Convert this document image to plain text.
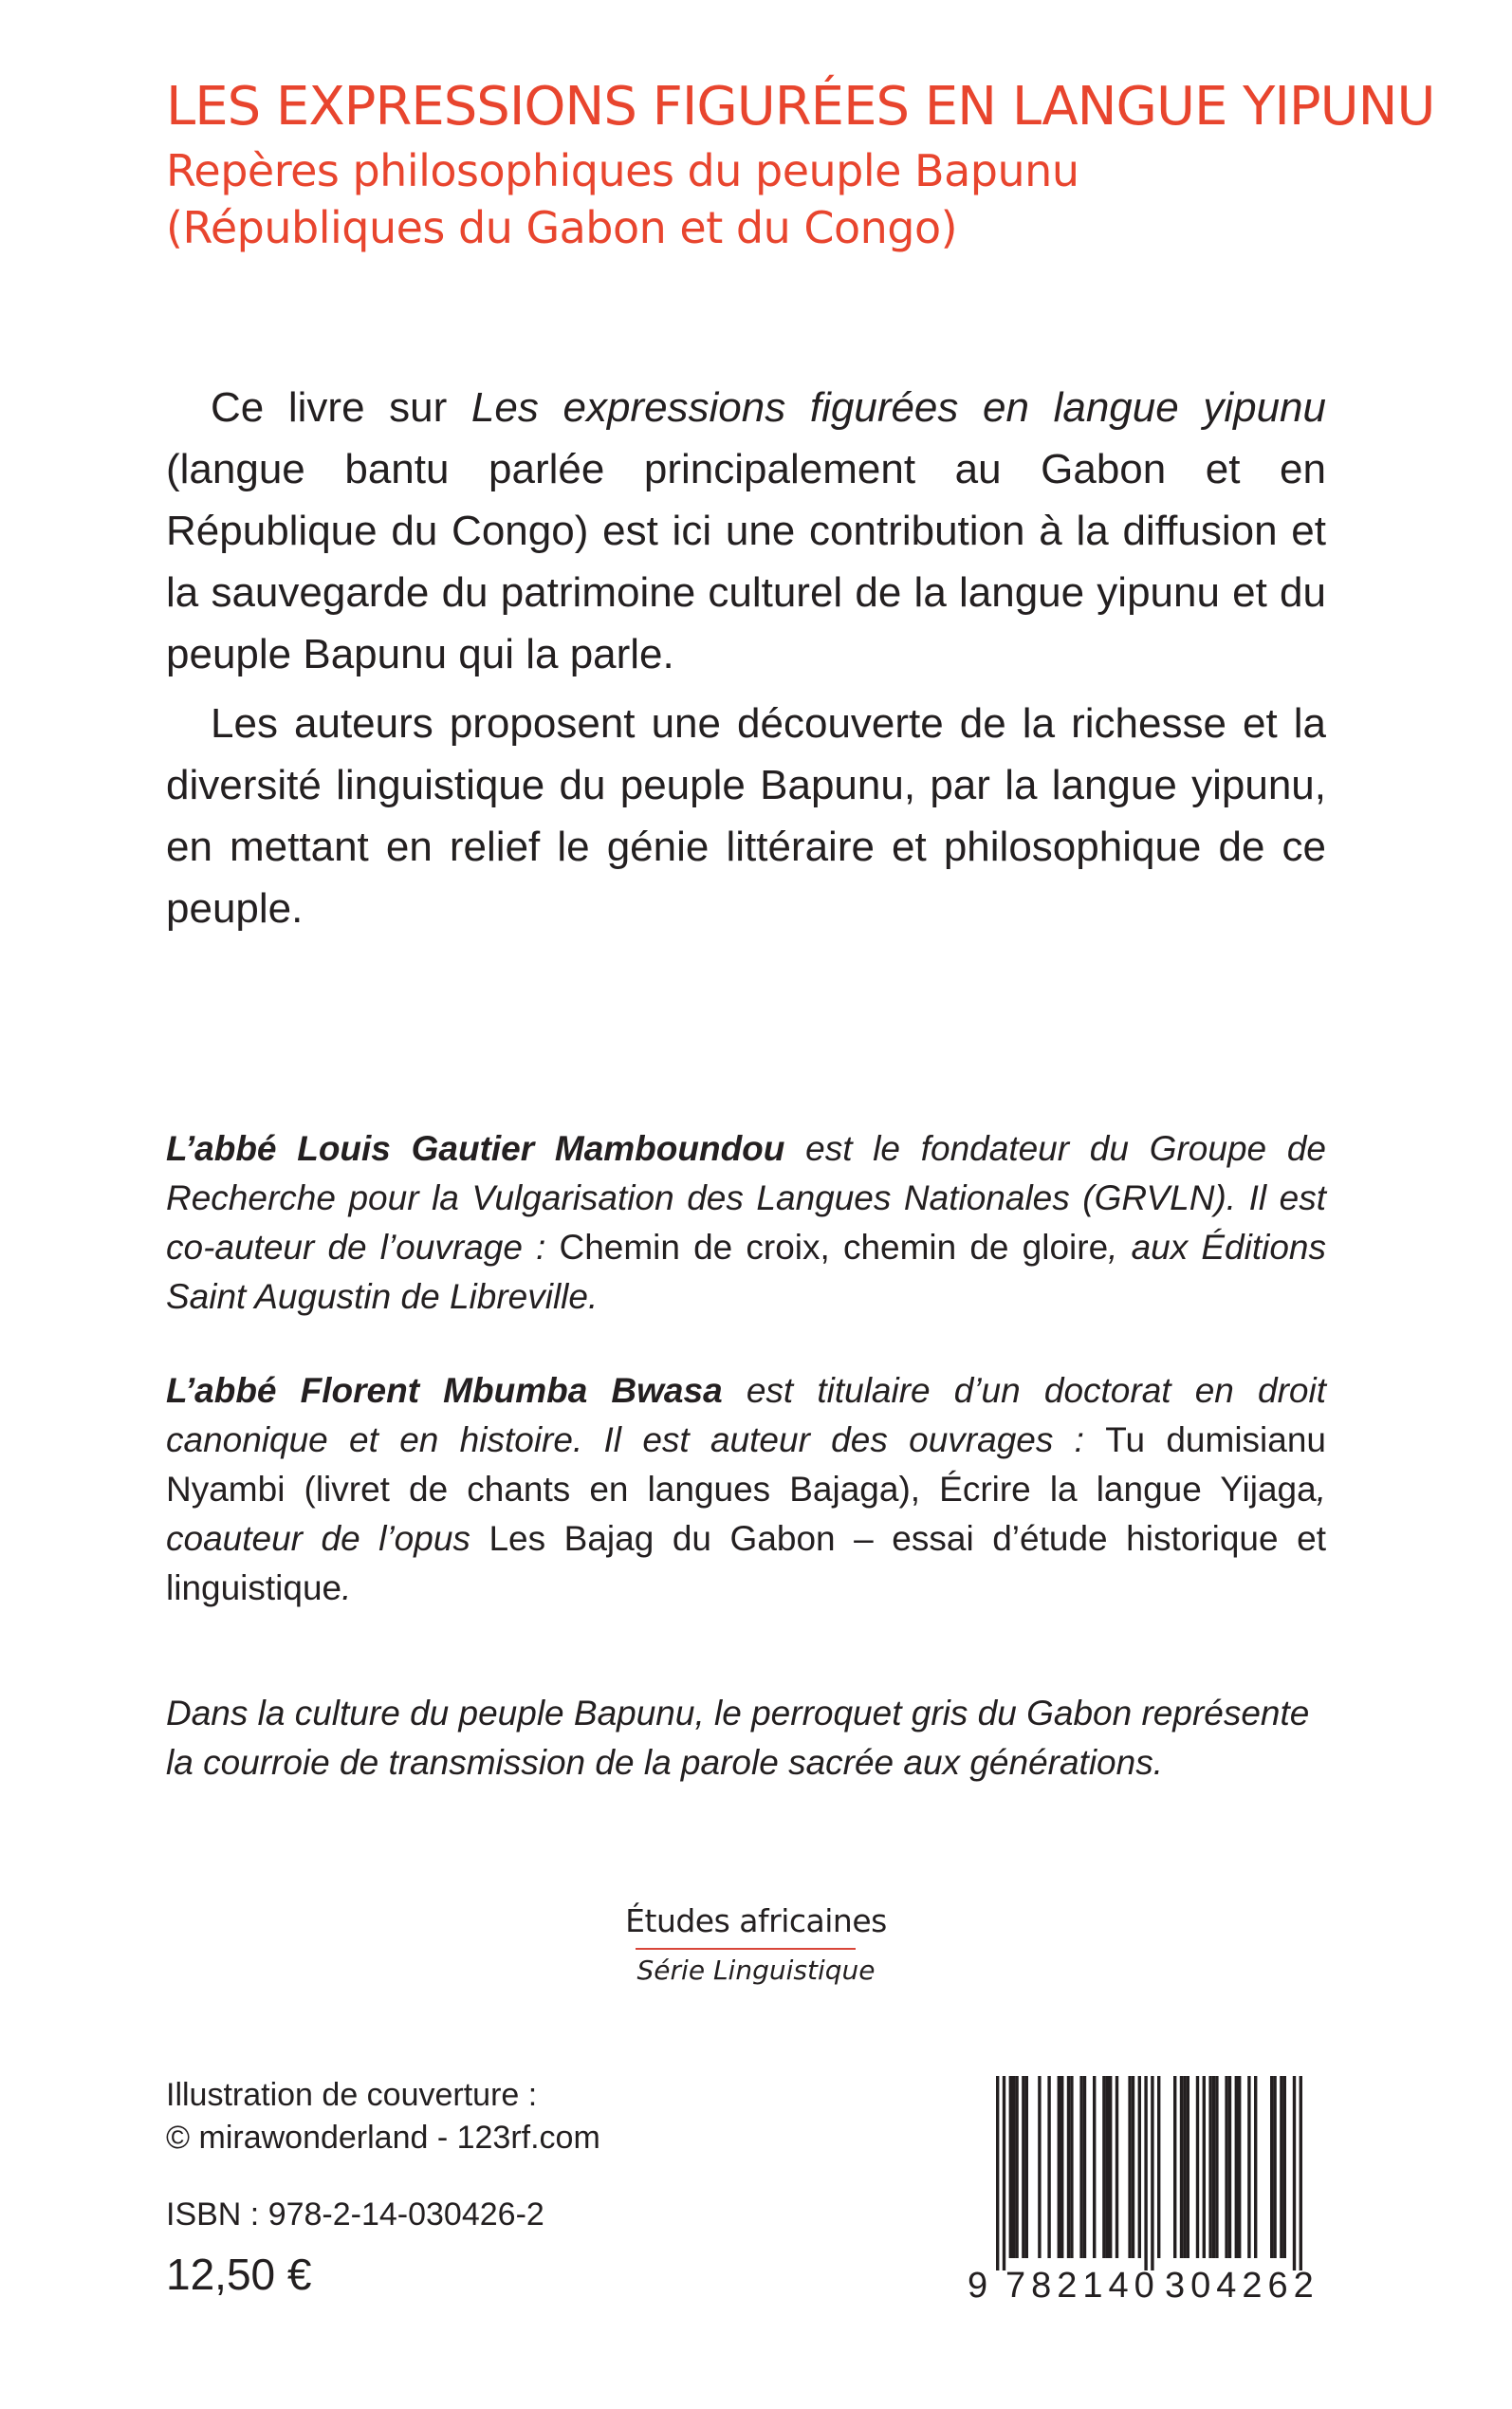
LES EXPRESSIONS FIGURÉES EN LANGUE YIPUNU
Repères philosophiques du peuple Bapunu
(Républiques du Gabon et du Congo)
Ce livre sur Les expressions figurées en langue yipunu (langue bantu parlée principalement au Gabon et en République du Congo) est ici une contribution à la diffusion et la sauvegarde du patrimoine culturel de la langue yipunu et du peuple Bapunu qui la parle.
Les auteurs proposent une découverte de la richesse et la diversité linguistique du peuple Bapunu, par la langue yipunu, en mettant en relief le génie littéraire et philosophique de ce peuple.
L’abbé Louis Gautier Mamboundou est le fondateur du Groupe de Recherche pour la Vulgarisation des Langues Nationales (GRVLN). Il est co-auteur de l’ouvrage : Chemin de croix, chemin de gloire, aux Éditions Saint Augustin de Libreville.
L’abbé Florent Mbumba Bwasa est titulaire d’un doctorat en droit canonique et en histoire. Il est auteur des ouvrages : Tu dumisianu Nyambi (livret de chants en langues Bajaga), Écrire la langue Yijaga, coauteur de l’opus Les Bajag du Gabon – essai d’étude historique et linguistique.
Dans la culture du peuple Bapunu, le perroquet gris du Gabon représente la courroie de transmission de la parole sacrée aux générations.
Études africaines
Série Linguistique
Illustration de couverture :
© mirawonderland - 123rf.com
ISBN : 978-2-14-030426-2
12,50 €	9 782140 304262
